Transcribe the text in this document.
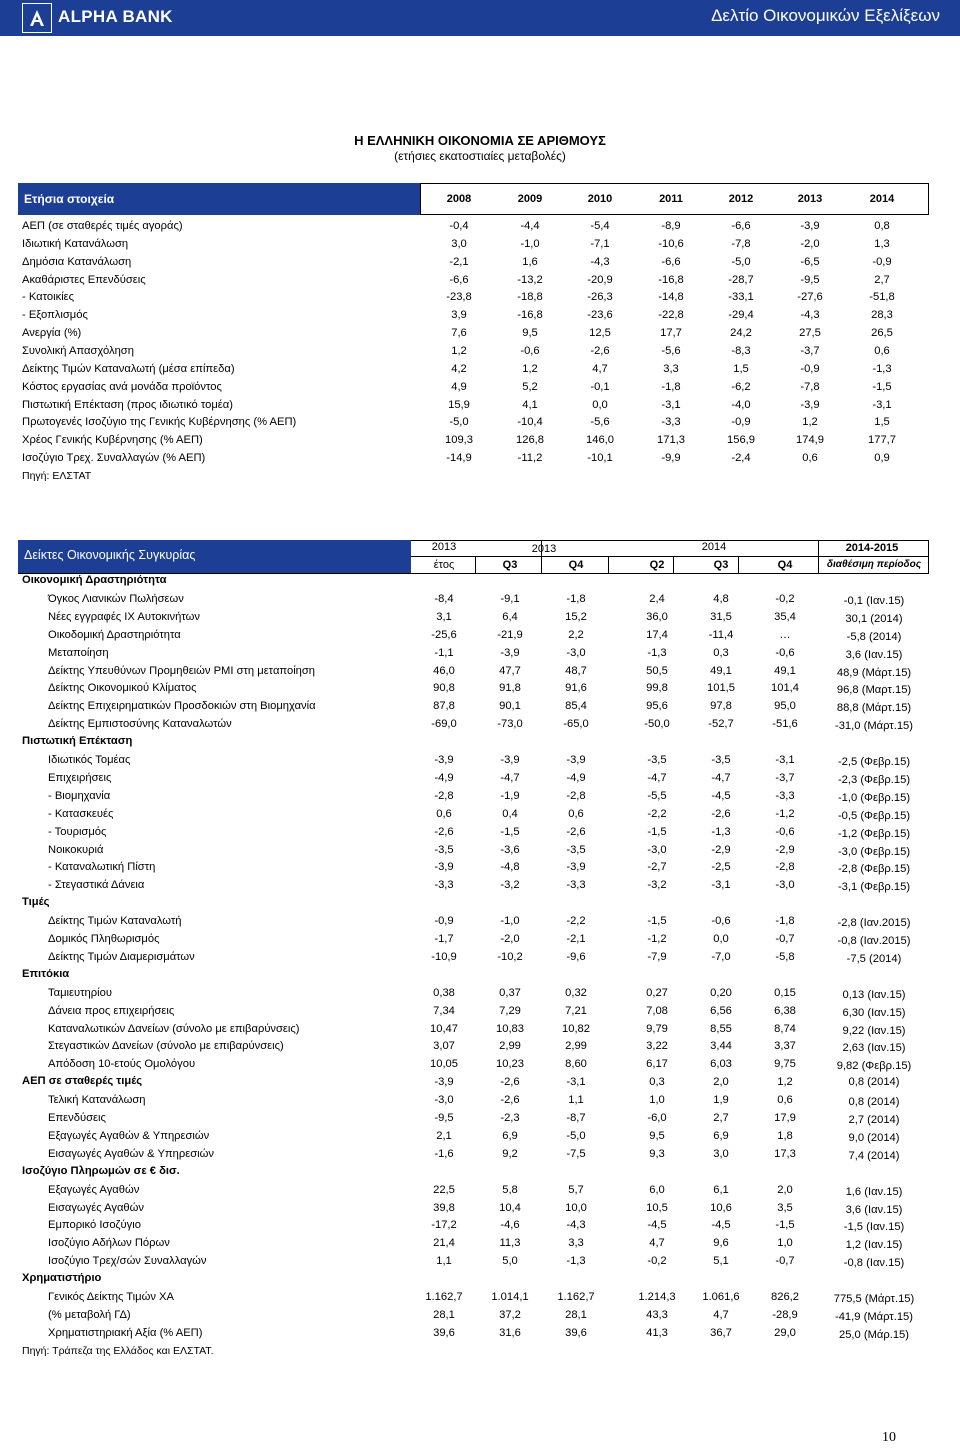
ALPHA BANK	Δελτίο Οικονομικών Εξελίξεων
Η ΕΛΛΗΝΙΚΗ ΟΙΚΟΝΟΜΙΑ ΣΕ ΑΡΙΘΜΟΥΣ
(ετήσιες εκατοστιαίες μεταβολές)
Ετήσια στοιχεία
Δείκτες Οικονομικής Συγκυρίας
10
2008	2009	2010	2011	2012	2013	2014
ΑΕΠ (σε σταθερές τιμές αγοράς)	-0,4	-4,4	-5,4	-8,9	-6,6	-3,9	0,8
Ιδιωτική Κατανάλωση	3,0	-1,0	-7,1	-10,6	-7,8	-2,0	1,3
Δημόσια Κατανάλωση	-2,1	1,6	-4,3	-6,6	-5,0	-6,5	-0,9
Ακαθάριστες Επενδύσεις	-6,6	-13,2	-20,9	-16,8	-28,7	-9,5	2,7
- Κατοικίες	-23,8	-18,8	-26,3	-14,8	-33,1	-27,6	-51,8
- Εξοπλισμός	3,9	-16,8	-23,6	-22,8	-29,4	-4,3	28,3
Ανεργία (%)	7,6	9,5	12,5	17,7	24,2	27,5	26,5
Συνολική Απασχόληση	1,2	-0,6	-2,6	-5,6	-8,3	-3,7	0,6
Δείκτης Τιμών Καταναλωτή (μέσα επίπεδα)	4,2	1,2	4,7	3,3	1,5	-0,9	-1,3
Κόστος εργασίας ανά μονάδα προϊόντος	4,9	5,2	-0,1	-1,8	-6,2	-7,8	-1,5
Πιστωτική Επέκταση (προς ιδιωτικό τομέα)	15,9	4,1	0,0	-3,1	-4,0	-3,9	-3,1
Πρωτογενές Ισοζύγιο της Γενικής Κυβέρνησης (% ΑΕΠ)	-5,0	-10,4	-5,6	-3,3	-0,9	1,2	1,5
Χρέος Γενικής Κυβέρνησης (% ΑΕΠ)	109,3	126,8	146,0	171,3	156,9	174,9	177,7
Ισοζύγιο Τρεχ. Συναλλαγών (% ΑΕΠ)	-14,9	-11,2	-10,1	-9,9	-2,4	0,6	0,9
Πηγή: ΕΛΣΤΑΤ
2013	2013	2014	2014-2015
έτος	Q3	Q4	Q2	Q3	Q4	διαθέσιμη περίοδος
Οικονομική Δραστηριότητα
Όγκος Λιανικών Πωλήσεων	-8,4	-9,1	-1,8	2,4	4,8	-0,2	-0,1 (Ιαν.15)
Νέες εγγραφές ΙΧ Αυτοκινήτων	3,1	6,4	15,2	36,0	31,5	35,4	30,1 (2014)
Οικοδομική Δραστηριότητα	-25,6	-21,9	2,2	17,4	-11,4	…	-5,8 (2014)
Μεταποίηση	-1,1	-3,9	-3,0	-1,3	0,3	-0,6	3,6 (Ιαν.15)
Δείκτης Υπευθύνων Προμηθειών PMI στη μεταποίηση	46,0	47,7	48,7	50,5	49,1	49,1	48,9 (Μάρτ.15)
Δείκτης Οικονομικού Κλίματος	90,8	91,8	91,6	99,8	101,5	101,4	96,8 (Μαρτ.15)
Δείκτης Επιχειρηματικών Προσδοκιών στη Βιομηχανία	87,8	90,1	85,4	95,6	97,8	95,0	88,8 (Μάρτ.15)
Δείκτης Εμπιστοσύνης Καταναλωτών	-69,0	-73,0	-65,0	-50,0	-52,7	-51,6	-31,0 (Μάρτ.15)
Πιστωτική Επέκταση
Ιδιωτικός Τομέας	-3,9	-3,9	-3,9	-3,5	-3,5	-3,1	-2,5 (Φεβρ.15)
Επιχειρήσεις	-4,9	-4,7	-4,9	-4,7	-4,7	-3,7	-2,3 (Φεβρ.15)
- Βιομηχανία	-2,8	-1,9	-2,8	-5,5	-4,5	-3,3	-1,0 (Φεβρ.15)
- Κατασκευές	0,6	0,4	0,6	-2,2	-2,6	-1,2	-0,5 (Φεβρ.15)
- Τουρισμός	-2,6	-1,5	-2,6	-1,5	-1,3	-0,6	-1,2 (Φεβρ.15)
Νοικοκυριά	-3,5	-3,6	-3,5	-3,0	-2,9	-2,9	-3,0 (Φεβρ.15)
- Καταναλωτική Πίστη	-3,9	-4,8	-3,9	-2,7	-2,5	-2,8	-2,8 (Φεβρ.15)
- Στεγαστικά Δάνεια	-3,3	-3,2	-3,3	-3,2	-3,1	-3,0	-3,1 (Φεβρ.15)
Τιμές
Δείκτης Τιμών Καταναλωτή	-0,9	-1,0	-2,2	-1,5	-0,6	-1,8	-2,8 (Ιαν.2015)
Δομικός Πληθωρισμός	-1,7	-2,0	-2,1	-1,2	0,0	-0,7	-0,8 (Ιαν.2015)
Δείκτης Τιμών Διαμερισμάτων	-10,9	-10,2	-9,6	-7,9	-7,0	-5,8	-7,5 (2014)
Επιτόκια
Ταμιευτηρίου	0,38	0,37	0,32	0,27	0,20	0,15	0,13 (Ιαν.15)
Δάνεια προς επιχειρήσεις	7,34	7,29	7,21	7,08	6,56	6,38	6,30 (Ιαν.15)
Καταναλωτικών Δανείων (σύνολο με επιβαρύνσεις)	10,47	10,83	10,82	9,79	8,55	8,74	9,22 (Ιαν.15)
Στεγαστικών Δανείων (σύνολο με επιβαρύνσεις)	3,07	2,99	2,99	3,22	3,44	3,37	2,63 (Ιαν.15)
Απόδοση 10-ετούς Ομολόγου	10,05	10,23	8,60	6,17	6,03	9,75	9,82 (Φεβρ.15)
ΑΕΠ σε σταθερές τιμές	-3,9	-2,6	-3,1	0,3	2,0	1,2	0,8 (2014)
Τελική Κατανάλωση	-3,0	-2,6	1,1	1,0	1,9	0,6	0,8 (2014)
Επενδύσεις	-9,5	-2,3	-8,7	-6,0	2,7	17,9	2,7 (2014)
Εξαγωγές Αγαθών & Υπηρεσιών	2,1	6,9	-5,0	9,5	6,9	1,8	9,0 (2014)
Εισαγωγές Αγαθών & Υπηρεσιών	-1,6	9,2	-7,5	9,3	3,0	17,3	7,4 (2014)
Ισοζύγιο Πληρωμών σε € δισ.
Εξαγωγές Αγαθών	22,5	5,8	5,7	6,0	6,1	2,0	1,6 (Ιαν.15)
Εισαγωγές Αγαθών	39,8	10,4	10,0	10,5	10,6	3,5	3,6 (Ιαν.15)
Εμπορικό Ισοζύγιο	-17,2	-4,6	-4,3	-4,5	-4,5	-1,5	-1,5 (Ιαν.15)
Ισοζύγιο Αδήλων Πόρων	21,4	11,3	3,3	4,7	9,6	1,0	1,2 (Ιαν.15)
Ισοζύγιο Τρεχ/σών Συναλλαγών	1,1	5,0	-1,3	-0,2	5,1	-0,7	-0,8 (Ιαν.15)
Χρηματιστήριο
Γενικός Δείκτης Τιμών ΧΑ	1.162,7	1.014,1	1.162,7	1.214,3	1.061,6	826,2	775,5 (Μάρτ.15)
(% μεταβολή ΓΔ)	28,1	37,2	28,1	43,3	4,7	-28,9	-41,9 (Μάρτ.15)
Χρηματιστηριακή Αξία (% ΑΕΠ)	39,6	31,6	39,6	41,3	36,7	29,0	25,0 (Μάρ.15)
Πηγή: Τράπεζα της Ελλάδος και ΕΛΣΤΑΤ.
